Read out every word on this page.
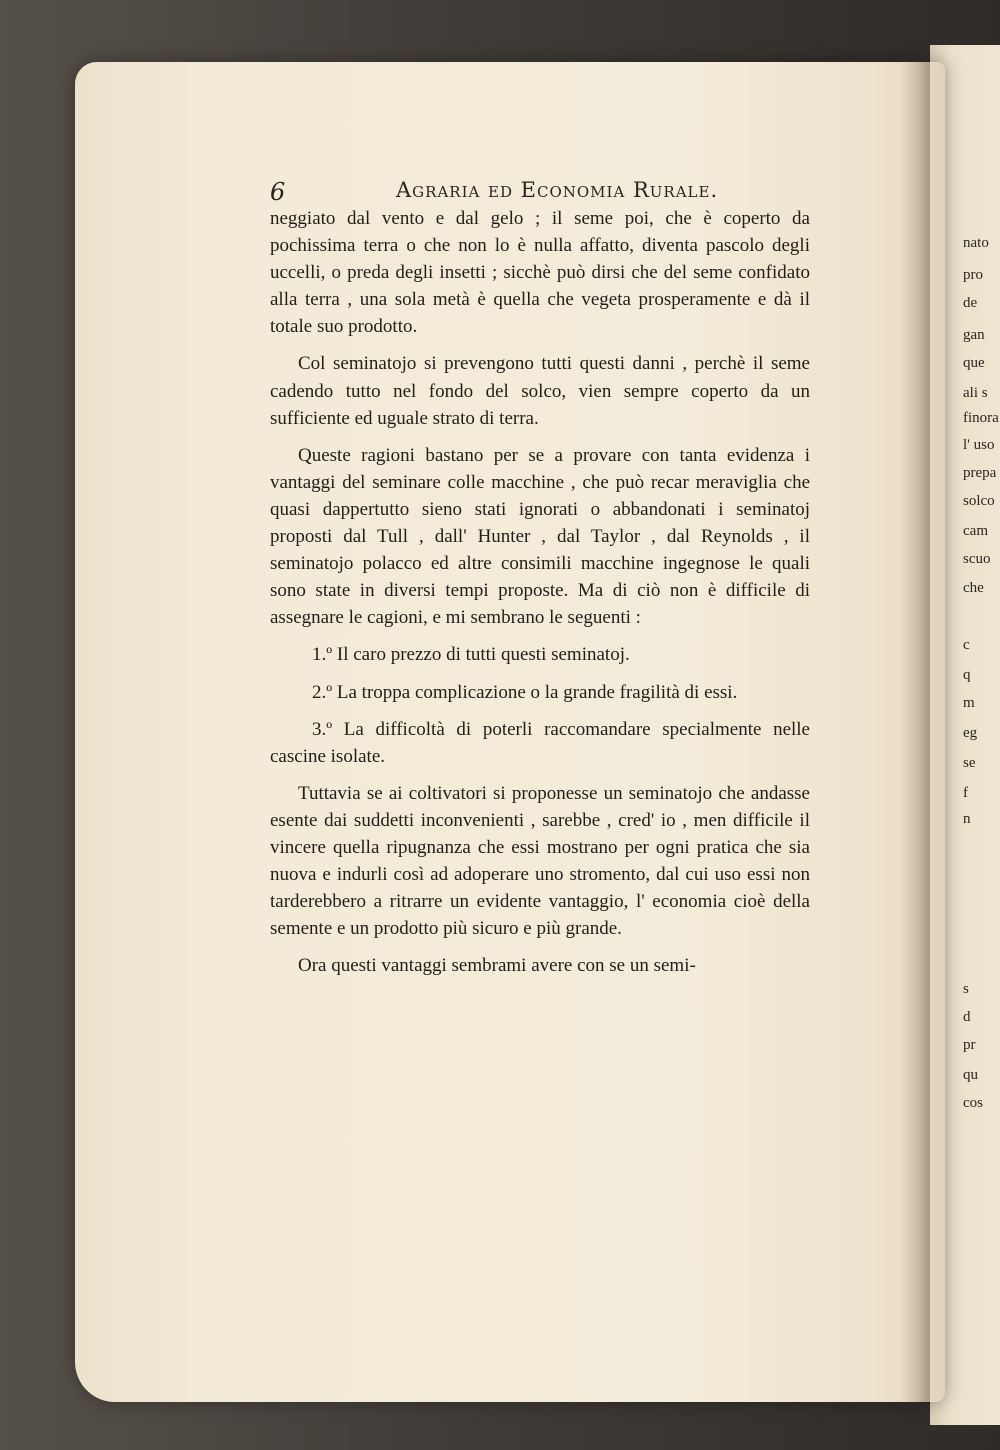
nato
pro
de
gan
que
ali s
finora
l' uso
prepa
solco
cam
scuo
che
c
q
m
eg
se
f
n
s
d
pr
qu
cos
6	Agraria ed Economia Rurale.

neggiato dal vento e dal gelo ; il seme poi, che è coperto da pochissima terra o che non lo è nulla affatto, diventa pascolo degli uccelli, o preda degli insetti ; sicchè può dirsi che del seme confidato alla terra , una sola metà è quella che vegeta prosperamente e dà il totale suo prodotto.

Col seminatojo si prevengono tutti questi danni , perchè il seme cadendo tutto nel fondo del solco, vien sempre coperto da un sufficiente ed uguale strato di terra.

Queste ragioni bastano per se a provare con tanta evidenza i vantaggi del seminare colle macchine , che può recar meraviglia che quasi dappertutto sieno stati ignorati o abbandonati i seminatoj proposti dal Tull , dall' Hunter , dal Taylor , dal Reynolds , il seminatojo polacco ed altre consimili macchine ingegnose le quali sono state in diversi tempi proposte. Ma di ciò non è difficile di assegnare le cagioni, e mi sembrano le seguenti :

1.º Il caro prezzo di tutti questi seminatoj.

2.º La troppa complicazione o la grande fragilità di essi.

3.º La difficoltà di poterli raccomandare specialmente nelle cascine isolate.

Tuttavia se ai coltivatori si proponesse un seminatojo che andasse esente dai suddetti inconvenienti , sarebbe , cred' io , men difficile il vincere quella ripugnanza che essi mostrano per ogni pratica che sia nuova e indurli così ad adoperare uno stromento, dal cui uso essi non tarderebbero a ritrarre un evidente vantaggio, l' economia cioè della semente e un prodotto più sicuro e più grande.

Ora questi vantaggi sembrami avere con se un semi-
